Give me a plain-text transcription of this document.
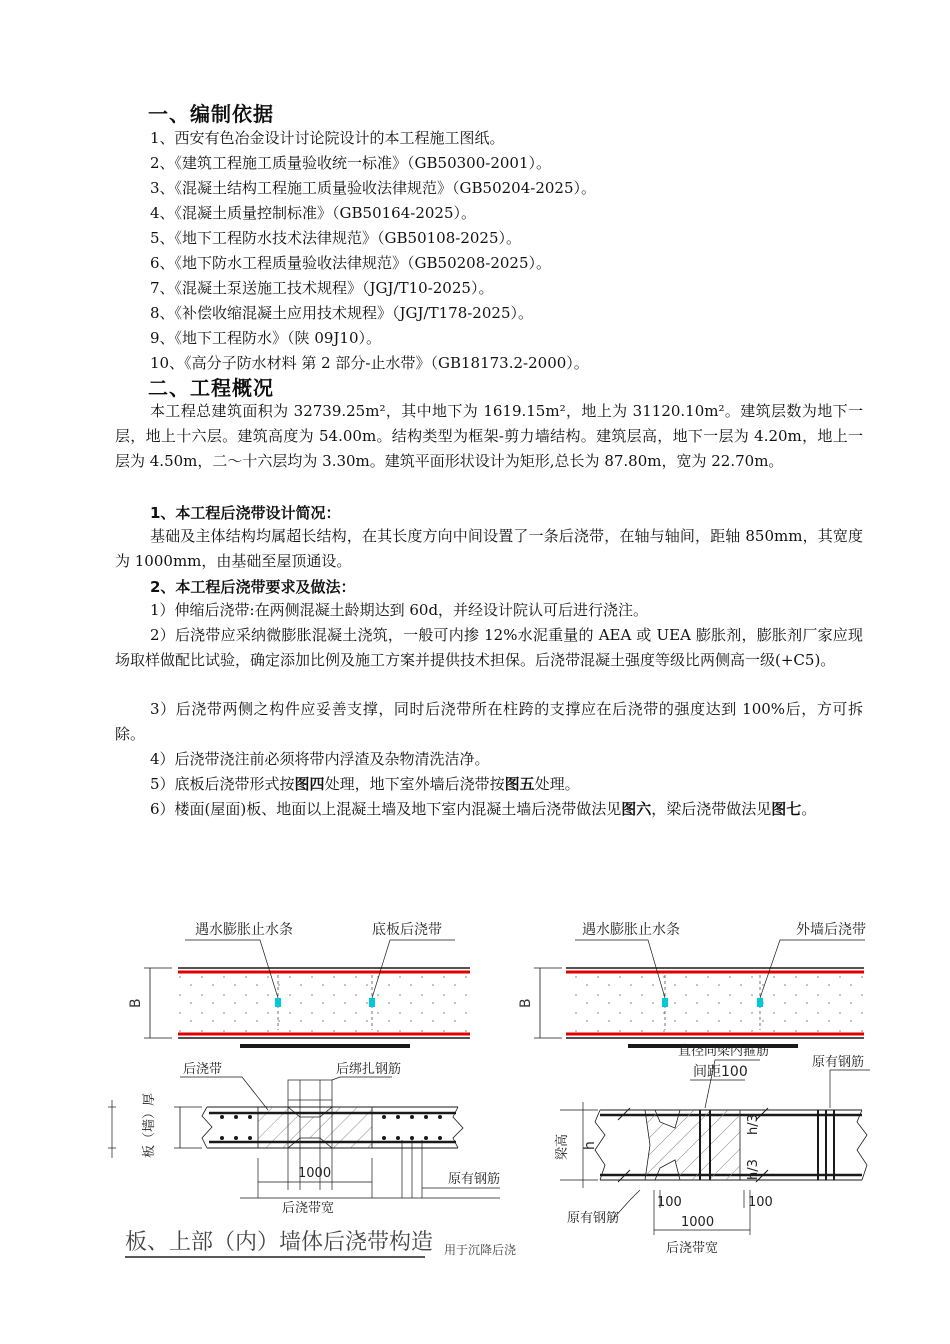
一、编制依据
1、西安有色冶金设计讨论院设计的本工程施工图纸。
2、《建筑工程施工质量验收统一标准》（GB50300-2001）。
3、《混凝土结构工程施工质量验收法律规范》（GB50204-2025）。
4、《混凝土质量控制标准》（GB50164-2025）。
5、《地下工程防水技术法律规范》（GB50108-2025）。
6、《地下防水工程质量验收法律规范》（GB50208-2025）。
7、《混凝土泵送施工技术规程》（JGJ/T10-2025）。
8、《补偿收缩混凝土应用技术规程》（JGJ/T178-2025）。
9、《地下工程防水》（陕 09J10）。
10、《高分子防水材料 第 2 部分-止水带》（GB18173.2-2000）。
二、工程概况
本工程总建筑面积为 32739.25m²，其中地下为 1619.15m²，地上为 31120.10m²。建筑层数为地下一层，地上十六层。建筑高度为 54.00m。结构类型为框架-剪力墙结构。建筑层高，地下一层为 4.20m，地上一层为 4.50m，二～十六层均为 3.30m。建筑平面形状设计为矩形,总长为 87.80m，宽为 22.70m。
1、本工程后浇带设计简况：
基础及主体结构均属超长结构，在其长度方向中间设置了一条后浇带，在轴与轴间，距轴 850mm，其宽度为 1000mm，由基础至屋顶通设。
2、本工程后浇带要求及做法：
1）伸缩后浇带:在两侧混凝土龄期达到 60d，并经设计院认可后进行浇注。
2）后浇带应采纳微膨胀混凝土浇筑，一般可内掺 12%水泥重量的 AEA 或 UEA 膨胀剂，膨胀剂厂家应现场取样做配比试验，确定添加比例及施工方案并提供技术担保。后浇带混凝土强度等级比两侧高一级(+C5)。
3）后浇带两侧之构件应妥善支撑，同时后浇带所在柱跨的支撑应在后浇带的强度达到 100%后，方可拆除。
4）后浇带浇注前必须将带内浮渣及杂物清洗洁净。
5）底板后浇带形式按图四处理，地下室外墙后浇带按图五处理。
6）楼面(屋面)板、地面以上混凝土墙及地下室内混凝土墙后浇带做法见图六，梁后浇带做法见图七。
B
遇水膨胀止水条	底板后浇带
B
遇水膨胀止水条	外墙后浇带
后浇带	后绑扎钢筋
板（墙）厚
1000
后浇带宽
原有钢筋
板、上部（内）墙体后浇带构造 用于沉降后浇
直径同梁内箍筋
间距100
原有钢筋
梁高 h
h/3
h/3
100	100
1000
原有钢筋
后浇带宽
